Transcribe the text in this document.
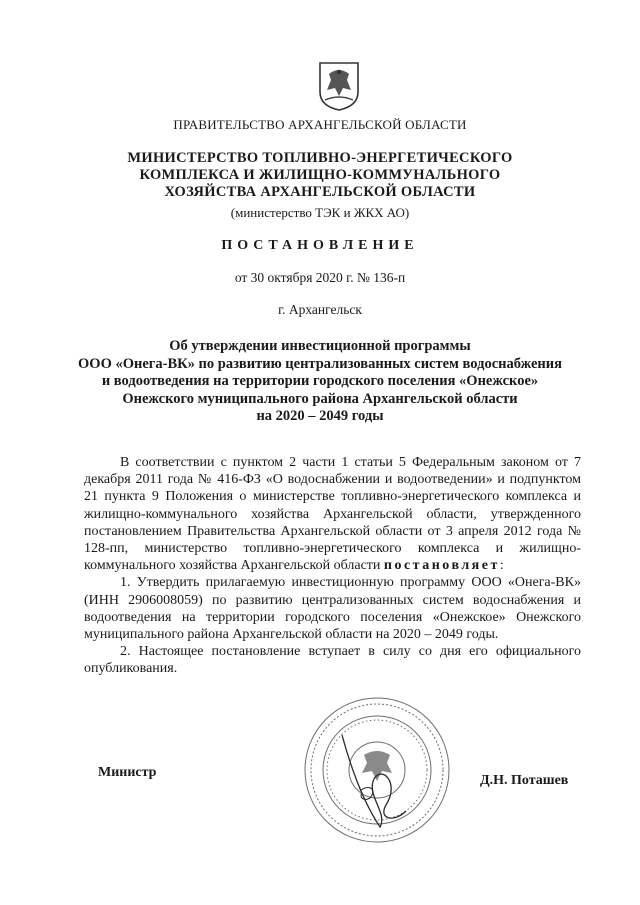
ПРАВИТЕЛЬСТВО АРХАНГЕЛЬСКОЙ ОБЛАСТИ
МИНИСТЕРСТВО ТОПЛИВНО-ЭНЕРГЕТИЧЕСКОГО
КОМПЛЕКСА И ЖИЛИЩНО-КОММУНАЛЬНОГО
ХОЗЯЙСТВА АРХАНГЕЛЬСКОЙ ОБЛАСТИ
(министерство ТЭК и ЖКХ АО)
ПОСТАНОВЛЕНИЕ
от 30 октября 2020 г. № 136-п
г. Архангельск
Об утверждении инвестиционной программы
ООО «Онега-ВК» по развитию централизованных систем водоснабжения
и водоотведения на территории городского поселения «Онежское»
Онежского муниципального района Архангельской области
на 2020 – 2049 годы

В соответствии с пунктом 2 части 1 статьи 5 Федеральным законом от 7 декабря 2011 года № 416-ФЗ «О водоснабжении и водоотведении» и подпунктом 21 пункта 9 Положения о министерстве топливно-энергетического комплекса и жилищно-коммунального хозяйства Архангельской области, утвержденного постановлением Правительства Архангельской области от 3 апреля 2012 года № 128-пп, министерство топливно-энергетического комплекса и жилищно-коммунального хозяйства Архангельской области постановляет:

1. Утвердить прилагаемую инвестиционную программу ООО «Онега-ВК» (ИНН 2906008059) по развитию централизованных систем водоснабжения и водоотведения на территории городского поселения «Онежское» Онежского муниципального района Архангельской области на 2020 – 2049 годы.

2. Настоящее постановление вступает в силу со дня его официального опубликования.

Министр
Д.Н. Поташев
